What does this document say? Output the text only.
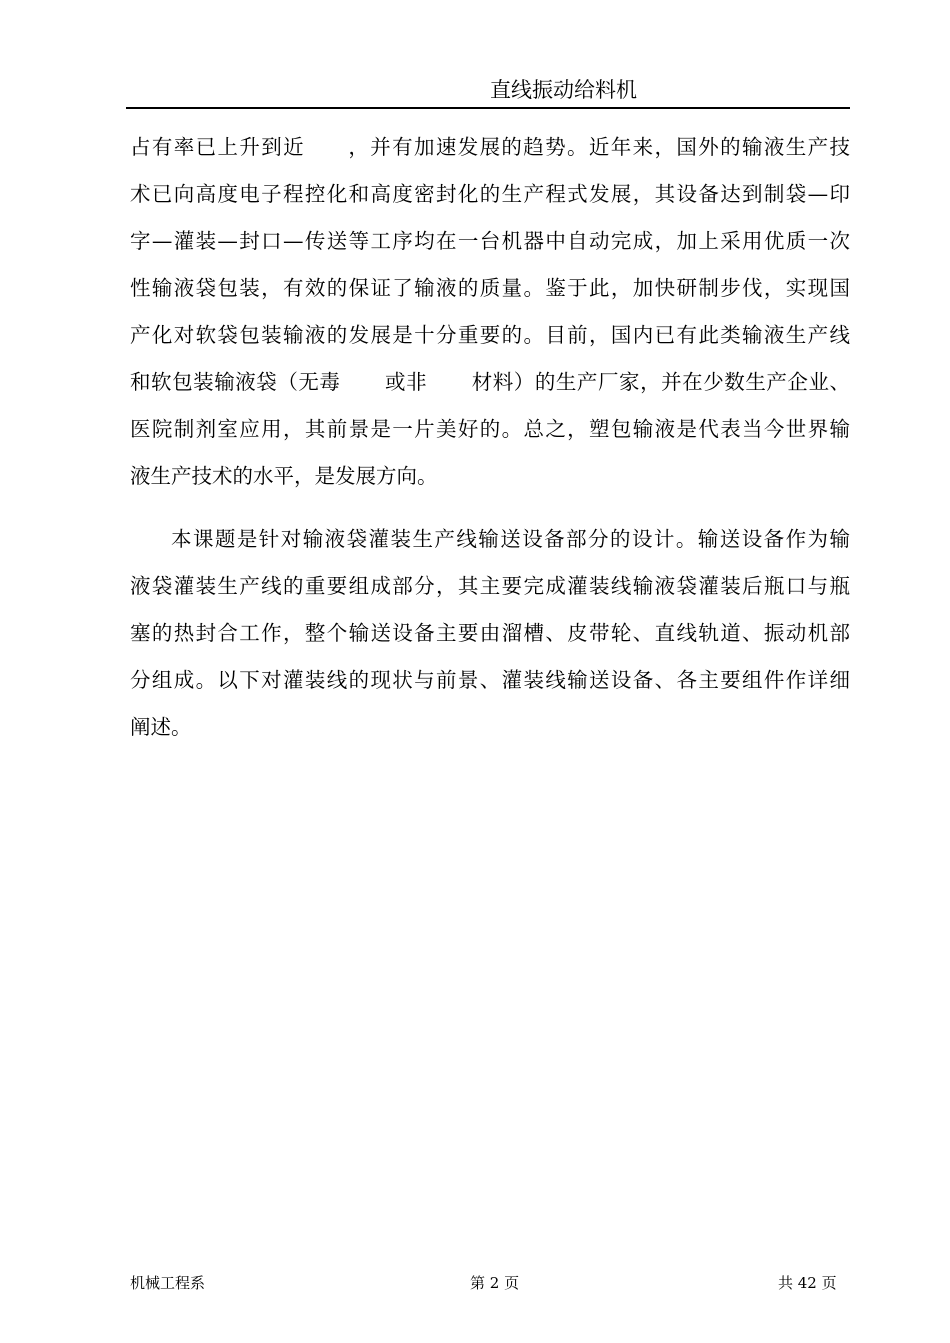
直线振动给料机
占有率已上升到近 ，并有加速发展的趋势。近年来，国外的输液生产技
术已向高度电子程控化和高度密封化的生产程式发展，其设备达到制袋—印
字—灌装—封口—传送等工序均在一台机器中自动完成，加上采用优质一次
性输液袋包装，有效的保证了输液的质量。鉴于此，加快研制步伐，实现国
产化对软袋包装输液的发展是十分重要的。目前，国内已有此类输液生产线
和软包装输液袋（无毒 或非 材料）的生产厂家，并在少数生产企业、
医院制剂室应用，其前景是一片美好的。总之，塑包输液是代表当今世界输
液生产技术的水平，是发展方向。
本课题是针对输液袋灌装生产线输送设备部分的设计。输送设备作为输
液袋灌装生产线的重要组成部分，其主要完成灌装线输液袋灌装后瓶口与瓶
塞的热封合工作，整个输送设备主要由溜槽、皮带轮、直线轨道、振动机部
分组成。以下对灌装线的现状与前景、灌装线输送设备、各主要组件作详细
阐述。
机械工程系	第 2 页	共 42 页
